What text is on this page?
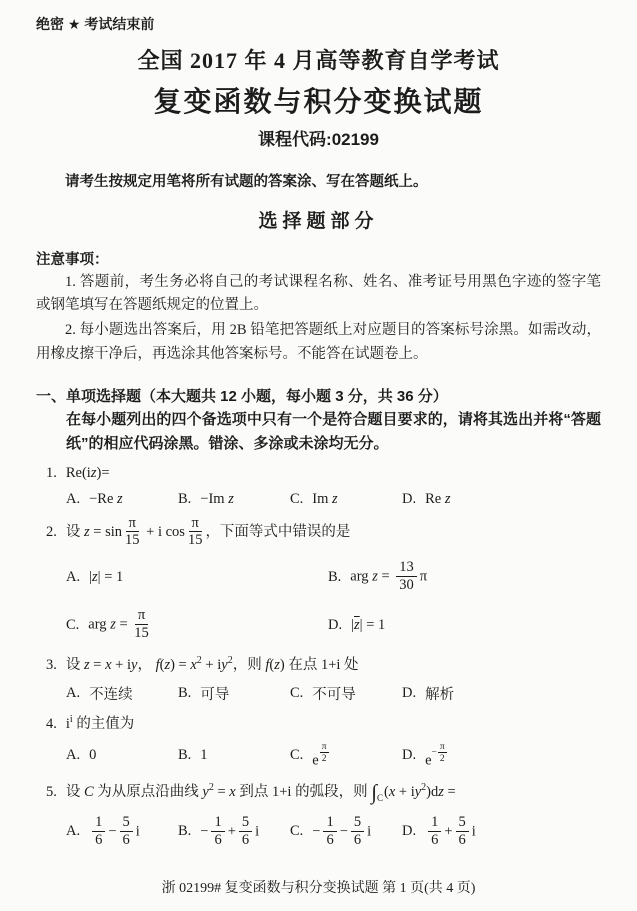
绝密 ★ 考试结束前
全国 2017 年 4 月高等教育自学考试
复变函数与积分变换试题
课程代码:02199
请考生按规定用笔将所有试题的答案涂、写在答题纸上。
选择题部分
注意事项：
1. 答题前，考生务必将自己的考试课程名称、姓名、准考证号用黑色字迹的签字笔或钢笔填写在答题纸规定的位置上。
2. 每小题选出答案后，用 2B 铅笔把答题纸上对应题目的答案标号涂黑。如需改动，用橡皮擦干净后，再选涂其他答案标号。不能答在试题卷上。
一、单项选择题（本大题共 12 小题，每小题 3 分，共 36 分）
在每小题列出的四个备选项中只有一个是符合题目要求的，请将其选出并将“答题纸”的相应代码涂黑。错涂、多涂或未涂均无分。
1. Re(iz)=
A. −Re z	B. −Im z	C. Im z	D. Re z
2. 设 $z = \sin \frac{\pi}{15} + i$ $\cos \frac{\pi}{15}$ ，下面等式中错误的是
A. |z| = 1	B. arg $z = \frac{13}{30}$ π
C. arg $z = \frac{\pi}{15}$	D. $|\overline{z}| = 1$
3. 设 z = x + iy， $f(z) = x^2 + iy^2$，则 f(z) 在点 1+i 处
A. 不连续	B. 可导	C. 不可导	D. 解析
4. $i^i$ 的主值为
A. 0	B. 1	C. e $^{\frac{\pi}{2}}$	D. $e^{- \frac{\pi}{2}}$
5. 设 C 为从原点沿曲线 $y^2 = x$ 到点 1+i 的弧段，则 $\int_C(x + iy^2)dz$ =
A. $\frac{1}{6} - \frac{5}{6}$ i	B. − $\frac{1}{6} + \frac{5}{6}$ i C. − $\frac{1}{6} - \frac{5}{6}$ i D. $\frac{1}{6} + \frac{5}{6}$ i
浙 02199# 复变函数与积分变换试题 第 1 页(共 4 页)
